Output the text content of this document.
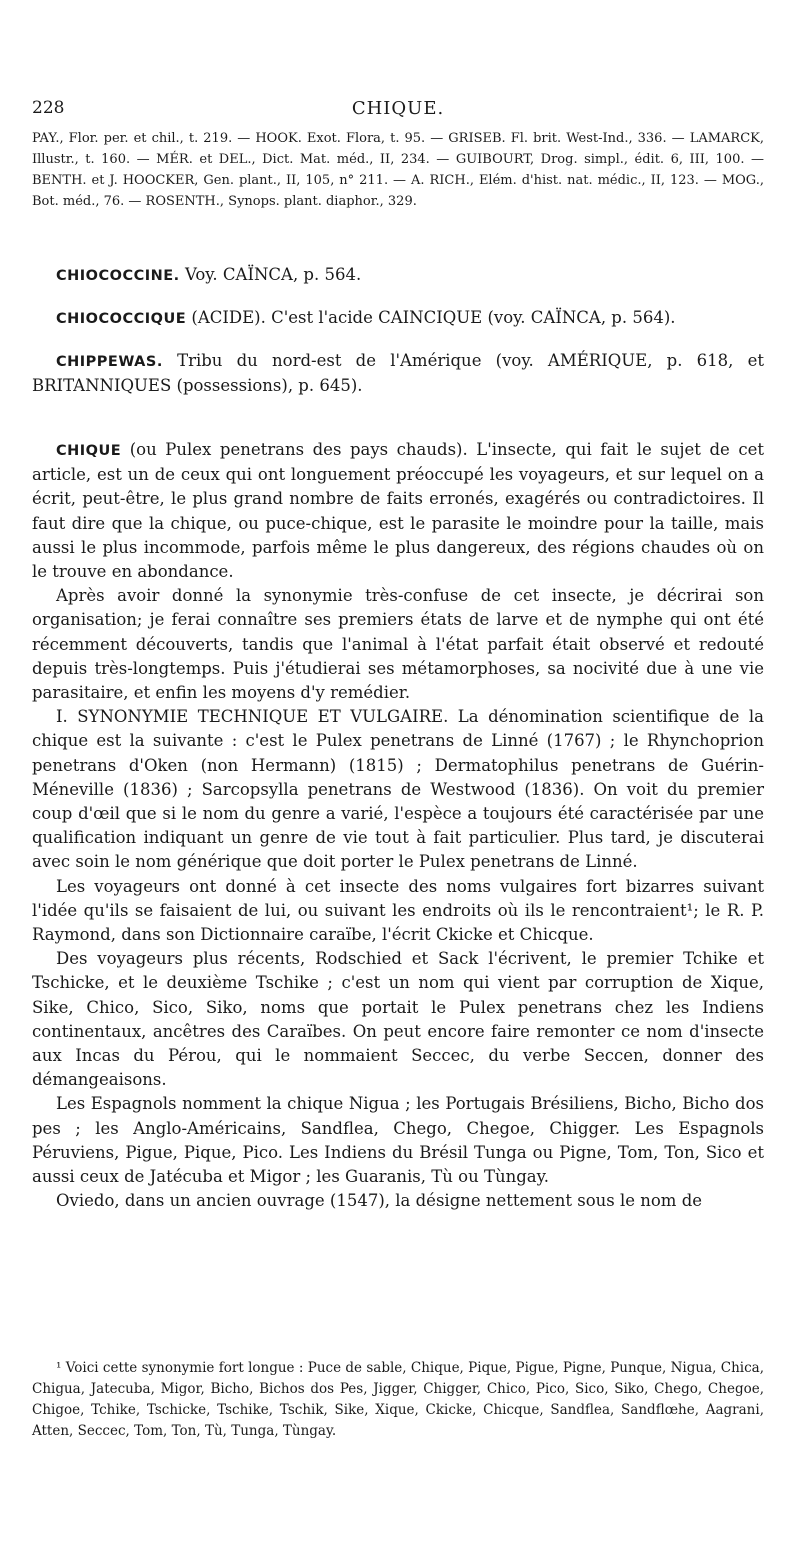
228	CHIQUE.
PAY., Flor. per. et chil., t. 219. — HOOK. Exot. Flora, t. 95. — GRISEB. Fl. brit. West-Ind., 336. — LAMARCK, Illustr., t. 160. — MÉR. et DEL., Dict. Mat. méd., II, 234. — GUIBOURT, Drog. simpl., édit. 6, III, 100. — BENTH. et J. HOOCKER, Gen. plant., II, 105, n° 211. — A. RICH., Elém. d'hist. nat. médic., II, 123. — MOG., Bot. méd., 76. — ROSENTH., Synops. plant. diaphor., 329.

CHIOCOCCINE. Voy. CAÏNCA, p. 564.

CHIOCOCCIQUE (ACIDE). C'est l'acide CAINCIQUE (voy. CAÏNCA, p. 564).

CHIPPEWAS. Tribu du nord-est de l'Amérique (voy. AMÉRIQUE, p. 618, et BRITANNIQUES (possessions), p. 645).

CHIQUE (ou Pulex penetrans des pays chauds). L'insecte, qui fait le sujet de cet article, est un de ceux qui ont longuement préoccupé les voyageurs, et sur lequel on a écrit, peut-être, le plus grand nombre de faits erronés, exagérés ou contradictoires. Il faut dire que la chique, ou puce-chique, est le parasite le moindre pour la taille, mais aussi le plus incommode, parfois même le plus dangereux, des régions chaudes où on le trouve en abondance.

Après avoir donné la synonymie très-confuse de cet insecte, je décrirai son organisation; je ferai connaître ses premiers états de larve et de nymphe qui ont été récemment découverts, tandis que l'animal à l'état parfait était observé et redouté depuis très-longtemps. Puis j'étudierai ses métamorphoses, sa nocivité due à une vie parasitaire, et enfin les moyens d'y remédier.

I. SYNONYMIE TECHNIQUE ET VULGAIRE. La dénomination scientifique de la chique est la suivante : c'est le Pulex penetrans de Linné (1767) ; le Rhynchoprion penetrans d'Oken (non Hermann) (1815) ; Dermatophilus penetrans de Guérin-Méneville (1836) ; Sarcopsylla penetrans de Westwood (1836). On voit du premier coup d'œil que si le nom du genre a varié, l'espèce a toujours été caractérisée par une qualification indiquant un genre de vie tout à fait particulier. Plus tard, je discuterai avec soin le nom générique que doit porter le Pulex penetrans de Linné.

Les voyageurs ont donné à cet insecte des noms vulgaires fort bizarres suivant l'idée qu'ils se faisaient de lui, ou suivant les endroits où ils le rencontraient¹; le R. P. Raymond, dans son Dictionnaire caraïbe, l'écrit Ckicke et Chicque.

Des voyageurs plus récents, Rodschied et Sack l'écrivent, le premier Tchike et Tschicke, et le deuxième Tschike ; c'est un nom qui vient par corruption de Xique, Sike, Chico, Sico, Siko, noms que portait le Pulex penetrans chez les Indiens continentaux, ancêtres des Caraïbes. On peut encore faire remonter ce nom d'insecte aux Incas du Pérou, qui le nommaient Seccec, du verbe Seccen, donner des démangeaisons.

Les Espagnols nomment la chique Nigua ; les Portugais Brésiliens, Bicho, Bicho dos pes ; les Anglo-Américains, Sandflea, Chego, Chegoe, Chigger. Les Espagnols Péruviens, Pigue, Pique, Pico. Les Indiens du Brésil Tunga ou Pigne, Tom, Ton, Sico et aussi ceux de Jatécuba et Migor ; les Guaranis, Tù ou Tùngay.

Oviedo, dans un ancien ouvrage (1547), la désigne nettement sous le nom de

¹ Voici cette synonymie fort longue : Puce de sable, Chique, Pique, Pigue, Pigne, Punque, Nigua, Chica, Chigua, Jatecuba, Migor, Bicho, Bichos dos Pes, Jigger, Chigger, Chico, Pico, Sico, Siko, Chego, Chegoe, Chigoe, Tchike, Tschicke, Tschike, Tschik, Sike, Xique, Ckicke, Chicque, Sandflea, Sandflœhe, Aagrani, Atten, Seccec, Tom, Ton, Tù, Tunga, Tùngay.
